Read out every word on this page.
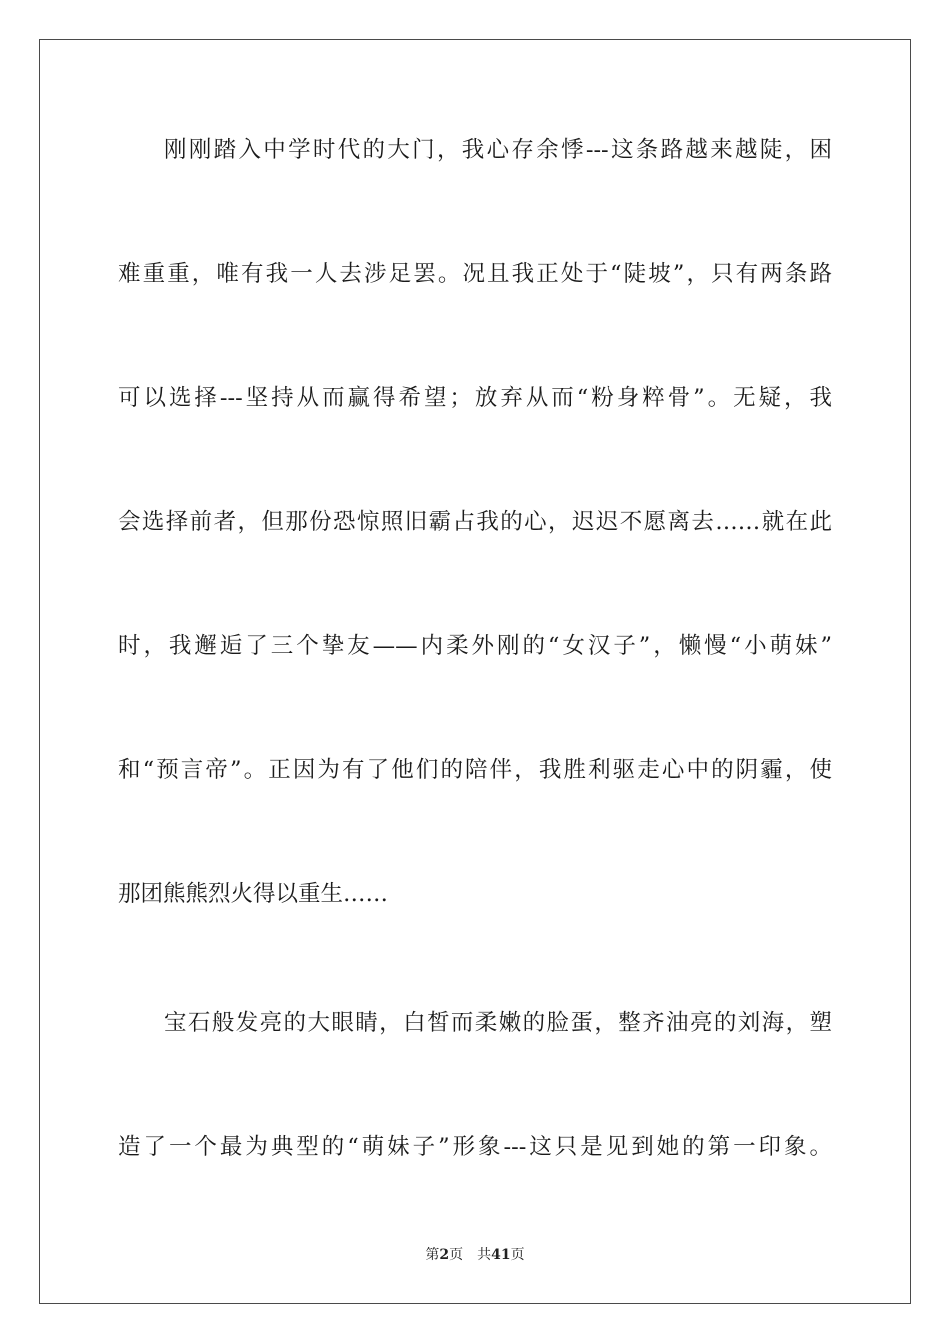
刚刚踏入中学时代的大门，我心存余悸---这条路越来越陡，困
难重重，唯有我一人去涉足罢。况且我正处于“陡坡”，只有两条路
可以选择---坚持从而赢得希望；放弃从而“粉身粹骨”。无疑，我
会选择前者，但那份恐惊照旧霸占我的心，迟迟不愿离去……就在此
时，我邂逅了三个挚友——内柔外刚的“女汉子”，懒慢“小萌妹”
和“预言帝”。正因为有了他们的陪伴，我胜利驱走心中的阴霾，使
那团熊熊烈火得以重生……
宝石般发亮的大眼睛，白皙而柔嫩的脸蛋，整齐油亮的刘海，塑
造了一个最为典型的“萌妹子”形象---这只是见到她的第一印象。
第2页 共41页
